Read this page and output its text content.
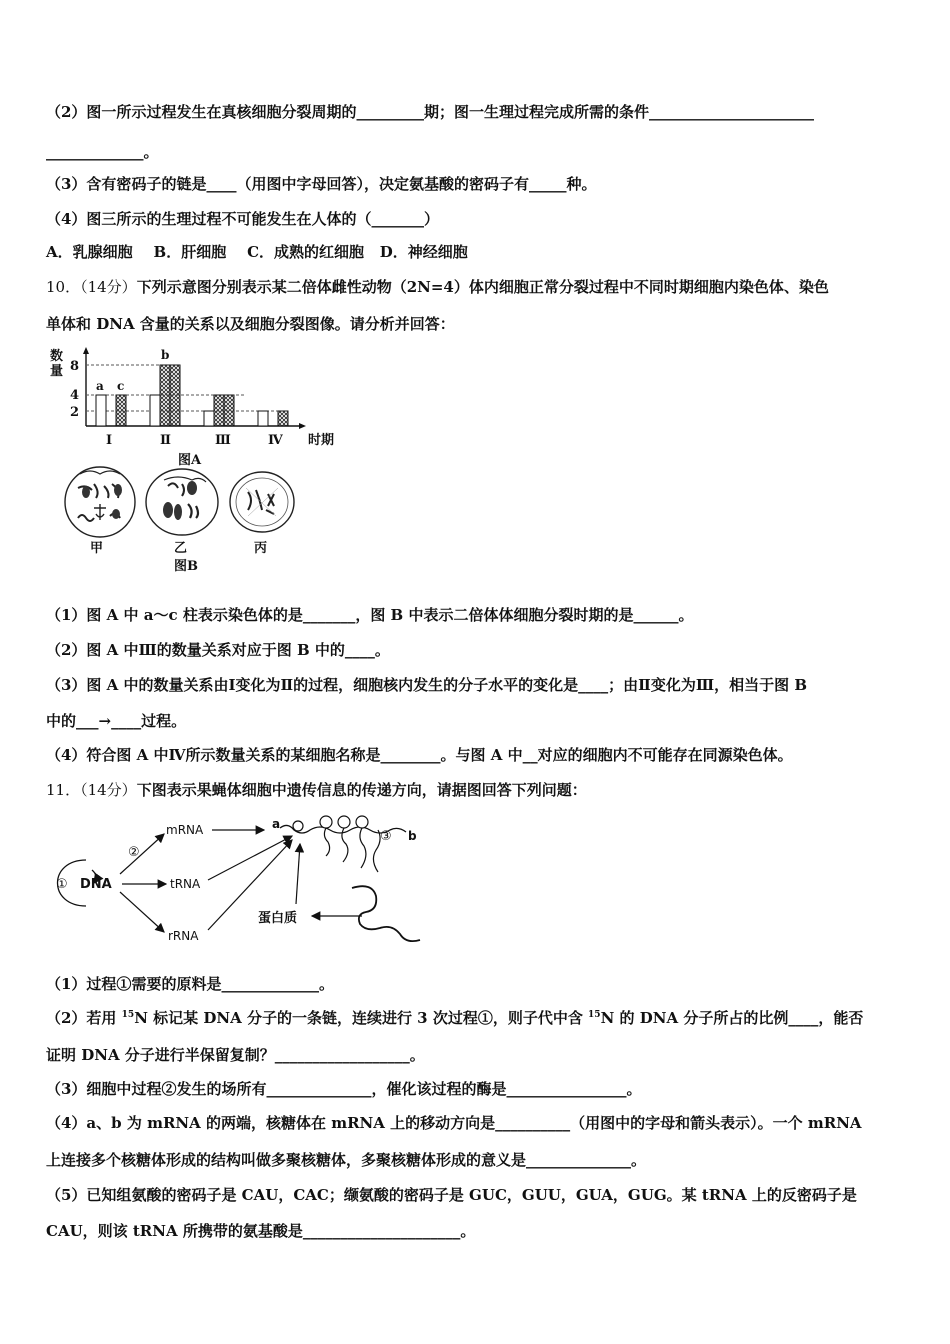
（2）图一所示过程发生在真核细胞分裂周期的_________期；图一生理过程完成所需的条件______________________
_____________。
（3）含有密码子的链是____（用图中字母回答），决定氨基酸的密码子有_____种。
（4）图三所示的生理过程不可能发生在人体的（_______）
A．乳腺细胞    B．肝细胞    C．成熟的红细胞   D．神经细胞
10．（14分）下列示意图分别表示某二倍体雌性动物（2N=4）体内细胞正常分裂过程中不同时期细胞内染色体、染色
单体和 DNA 含量的关系以及细胞分裂图像。请分析并回答：
数
量 8
4
2
a c
b
Ⅰ	Ⅱ	Ⅲ	Ⅳ 时期
图A
甲	乙	丙
图B
（1）图 A 中 a～c 柱表示染色体的是_______，图 B 中表示二倍体体细胞分裂时期的是______。
（2）图 A 中Ⅲ的数量关系对应于图 B 中的____。
（3）图 A 中的数量关系由Ⅰ变化为Ⅱ的过程，细胞核内发生的分子水平的变化是____；由Ⅱ变化为Ⅲ，相当于图 B
中的___→____过程。
（4）符合图 A 中Ⅳ所示数量关系的某细胞名称是________。与图 A 中__对应的细胞内不可能存在同源染色体。
11．（14分）下图表示果蝇体细胞中遗传信息的传递方向，请据图回答下列问题：
①
②
③
DNA
mRNA
tRNA
rRNA
a
b
蛋白质
（1）过程①需要的原料是_____________。
（2）若用 $^{15}$N 标记某 DNA 分子的一条链，连续进行 3 次过程①，则子代中含 $^{15}$N 的 DNA 分子所占的比例____，能否
证明 DNA 分子进行半保留复制？__________________。
（3）细胞中过程②发生的场所有______________，催化该过程的酶是________________。
（4）a、b 为 mRNA 的两端，核糖体在 mRNA 上的移动方向是__________（用图中的字母和箭头表示）。一个 mRNA
上连接多个核糖体形成的结构叫做多聚核糖体，多聚核糖体形成的意义是______________。
（5）已知组氨酸的密码子是 CAU，CAC；缬氨酸的密码子是 GUC，GUU，GUA，GUG。某 tRNA 上的反密码子是
CAU，则该 tRNA 所携带的氨基酸是_____________________。
